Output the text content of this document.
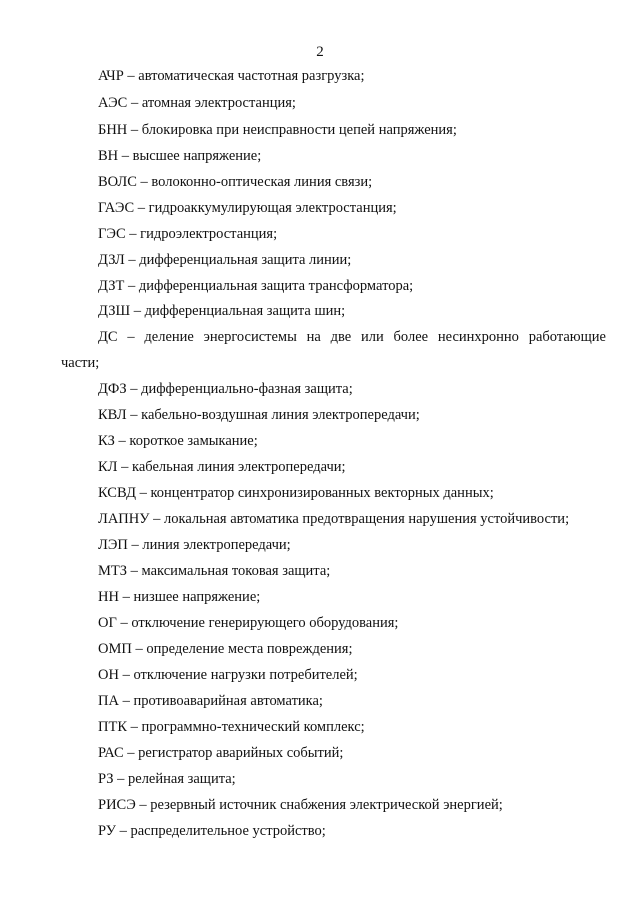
2
АЧР – автоматическая частотная разгрузка;
АЭС – атомная электростанция;
БНН – блокировка при неисправности цепей напряжения;
ВН – высшее напряжение;
ВОЛС – волоконно-оптическая линия связи;
ГАЭС – гидроаккумулирующая электростанция;
ГЭС – гидроэлектростанция;
ДЗЛ – дифференциальная защита линии;
ДЗТ – дифференциальная защита трансформатора;
ДЗШ – дифференциальная защита шин;
ДС – деление энергосистемы на две или более несинхронно работающие
части;
ДФЗ – дифференциально-фазная защита;
КВЛ – кабельно-воздушная линия электропередачи;
КЗ – короткое замыкание;
КЛ – кабельная линия электропередачи;
КСВД – концентратор синхронизированных векторных данных;
ЛАПНУ – локальная автоматика предотвращения нарушения устойчивости;
ЛЭП – линия электропередачи;
МТЗ – максимальная токовая защита;
НН – низшее напряжение;
ОГ – отключение генерирующего оборудования;
ОМП – определение места повреждения;
ОН – отключение нагрузки потребителей;
ПА – противоаварийная автоматика;
ПТК – программно-технический комплекс;
РАС – регистратор аварийных событий;
РЗ – релейная защита;
РИСЭ – резервный источник снабжения электрической энергией;
РУ – распределительное устройство;
